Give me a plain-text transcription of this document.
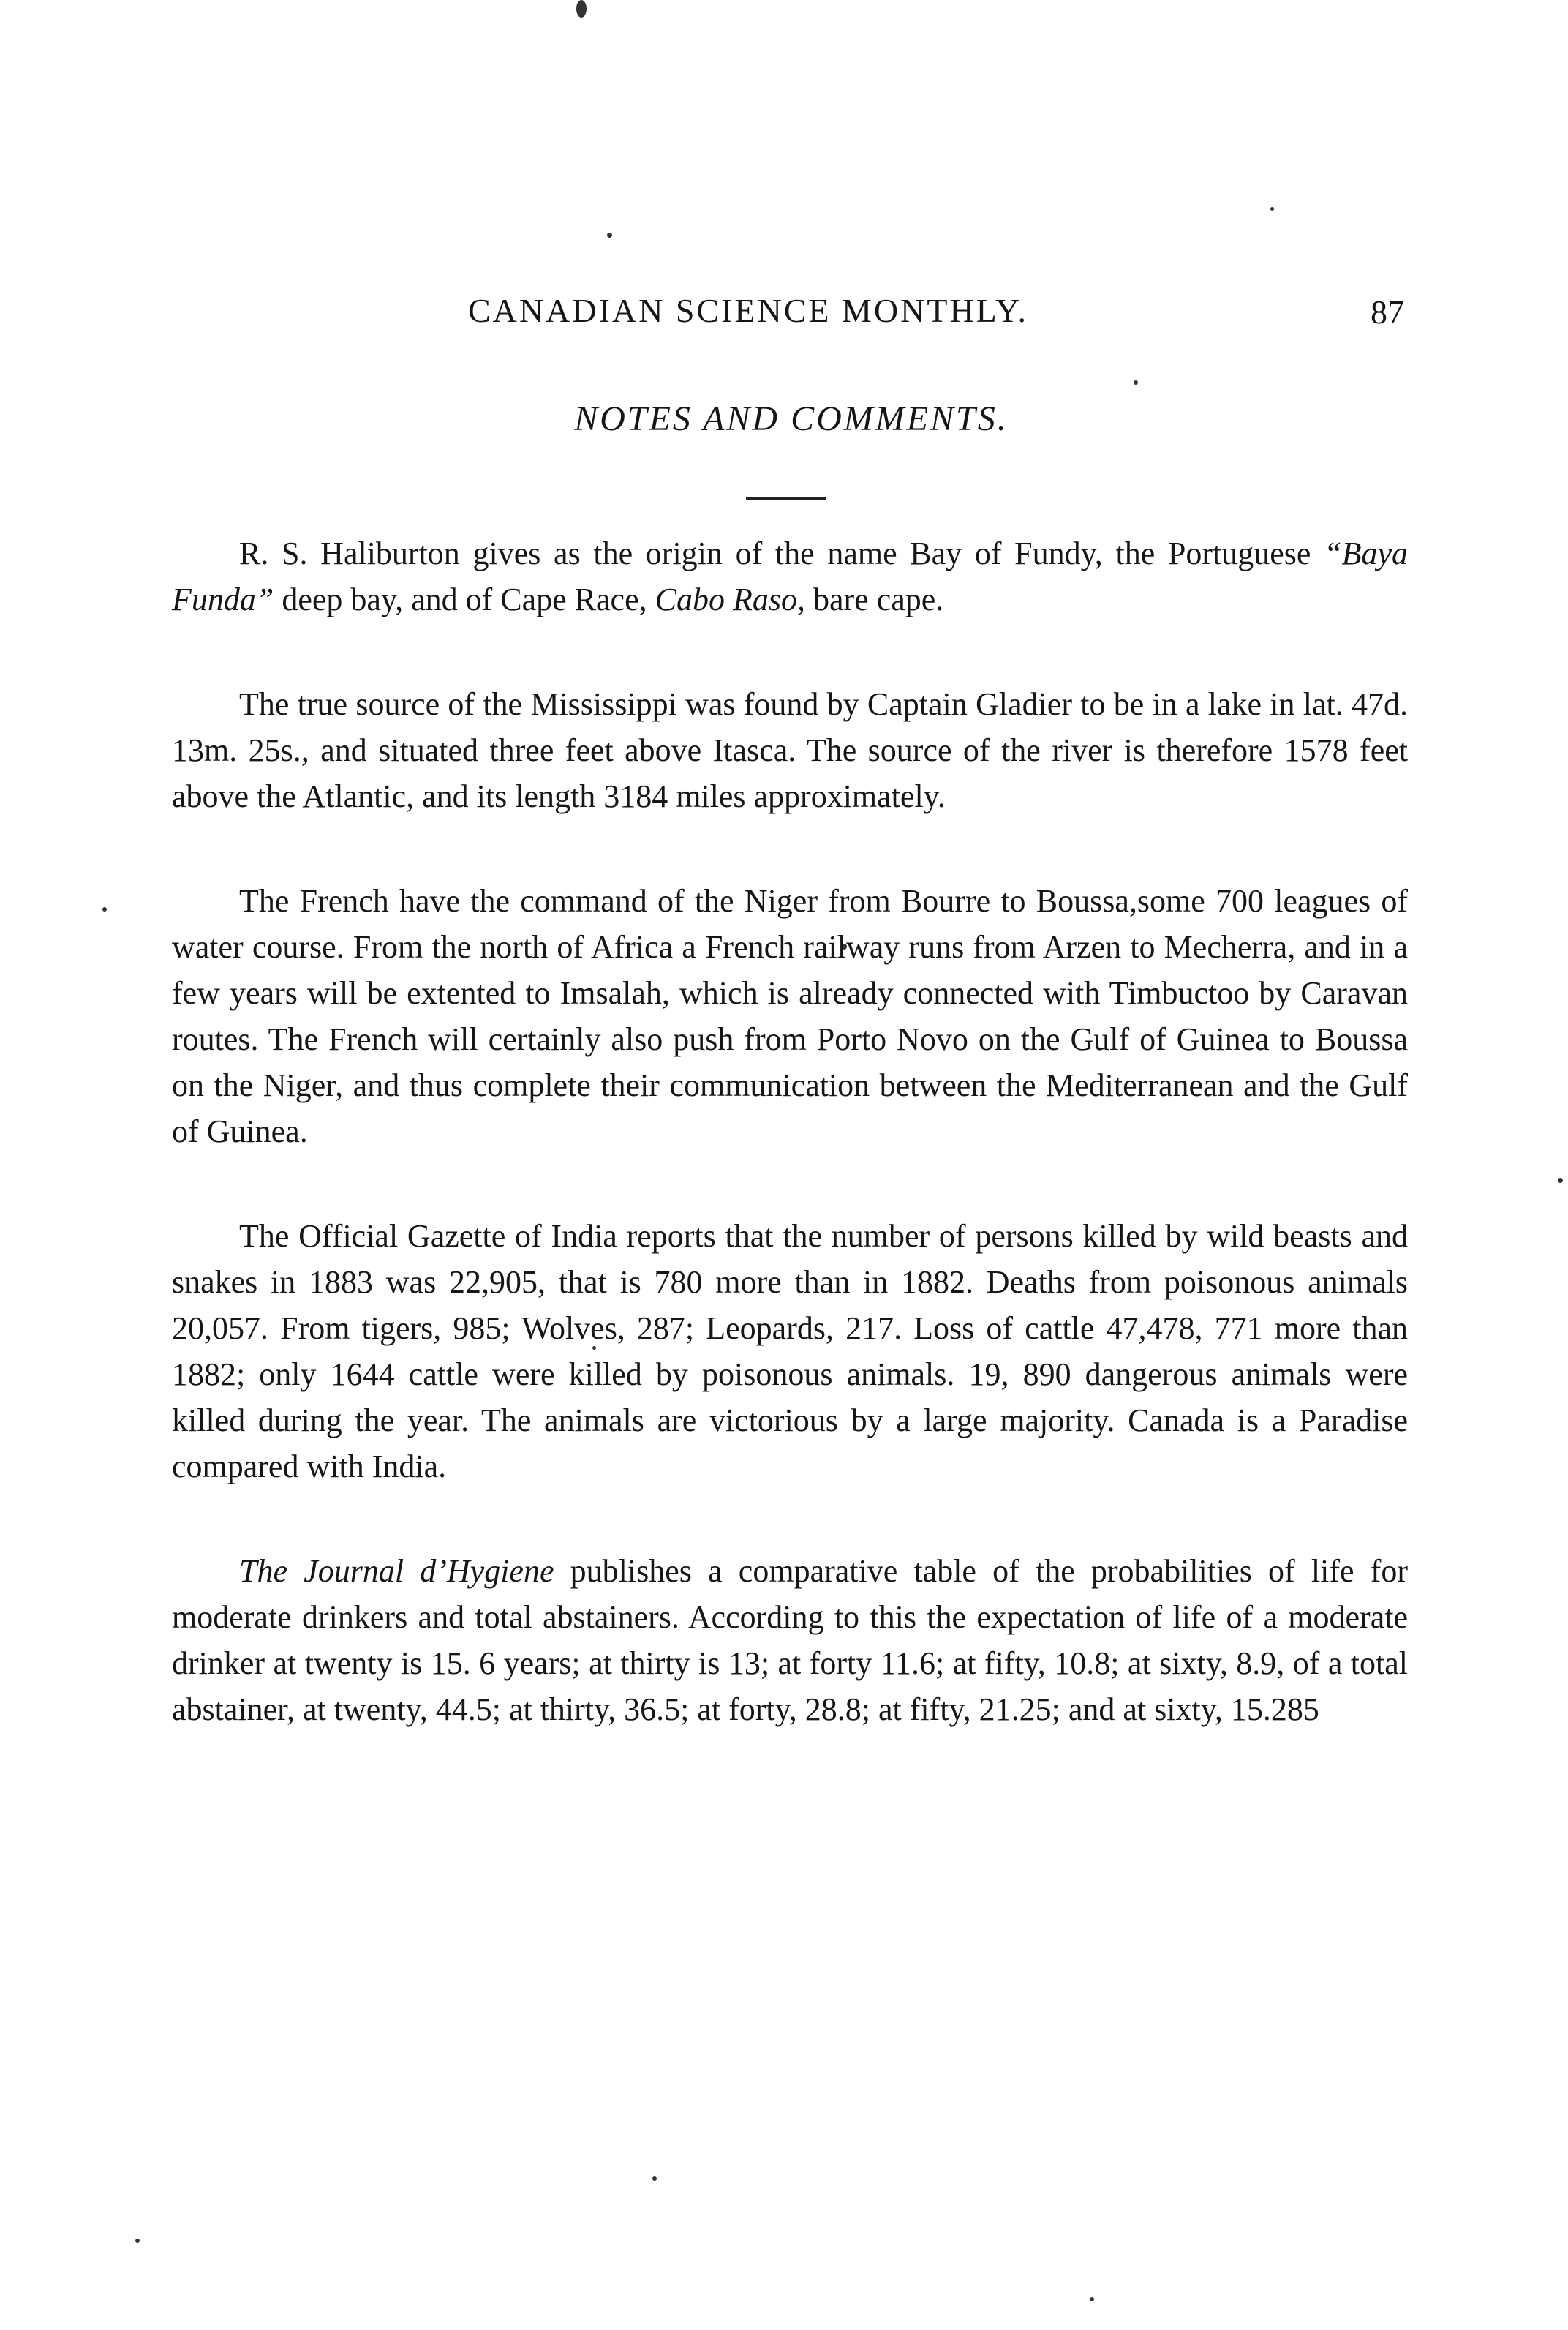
CANADIAN SCIENCE MONTHLY.	87
NOTES AND COMMENTS.

R. S. Haliburton gives as the origin of the name Bay of Fundy, the Portuguese “Baya Funda” deep bay, and of Cape Race, Cabo Raso, bare cape.

The true source of the Mississippi was found by Captain Gladier to be in a lake in lat. 47d. 13m. 25s., and situated three feet above Itasca. The source of the river is therefore 1578 feet above the Atlantic, and its length 3184 miles approximately.

The French have the command of the Niger from Bourre to Boussa,some 700 leagues of water course. From the north of Africa a French railway runs from Arzen to Mecherra, and in a few years will be extented to Imsalah, which is already connected with Timbuctoo by Caravan routes. The French will certainly also push from Porto Novo on the Gulf of Guinea to Boussa on the Niger, and thus complete their communication between the Mediterranean and the Gulf of Guinea.

The Official Gazette of India reports that the number of persons killed by wild beasts and snakes in 1883 was 22,905, that is 780 more than in 1882. Deaths from poisonous animals 20,057. From tigers, 985; Wolves, 287; Leopards, 217. Loss of cattle 47,478, 771 more than 1882; only 1644 cattle were killed by poisonous animals. 19, 890 dangerous animals were killed during the year. The animals are victorious by a large majority. Canada is a Paradise compared with India.

The Journal d’Hygiene publishes a comparative table of the probabilities of life for moderate drinkers and total abstainers. According to this the expectation of life of a moderate drinker at twenty is 15. 6 years; at thirty is 13; at forty 11.6; at fifty, 10.8; at sixty, 8.9, of a total abstainer, at twenty, 44.5; at thirty, 36.5; at forty, 28.8; at fifty, 21.25; and at sixty, 15.285
